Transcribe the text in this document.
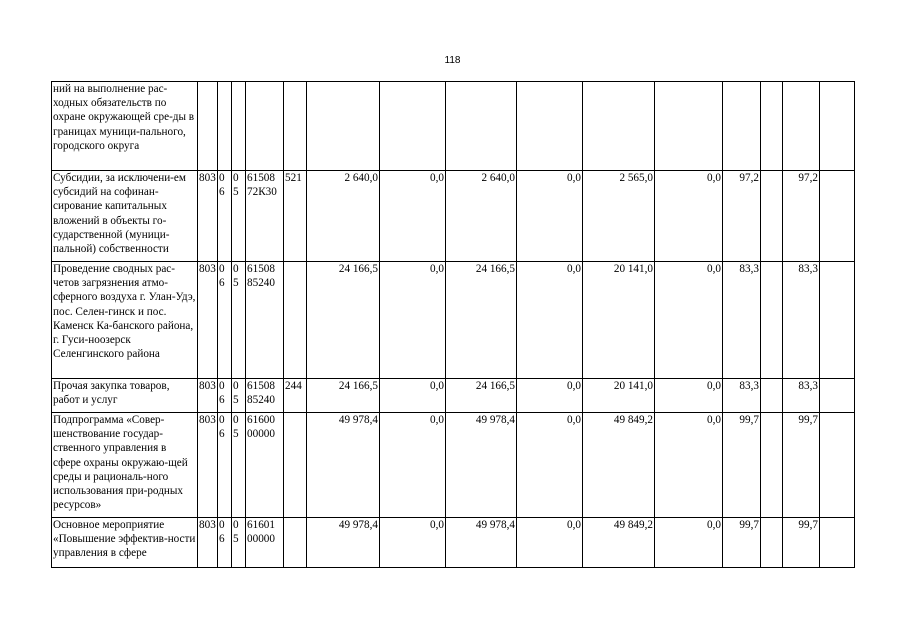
118
ний на выполнение рас-ходных обязательств по охране окружающей сре-ды в границах муници-пального, городского округа															
Субсидии, за исключени-ем субсидий на софинан-сирование капитальных вложений в объекты го-сударственной (муници-пальной) собственности	803	06	05	61508 72К30	521	2 640,0	0,0	2 640,0	0,0	2 565,0	0,0	97,2		97,2	
Проведение сводных рас-четов загрязнения атмо-сферного воздуха г. Улан-Удэ, пос. Селен-гинск и пос. Каменск Ка-банского района, г. Гуси-ноозерск Селенгинского района	803	06	05	61508 85240		24 166,5	0,0	24 166,5	0,0	20 141,0	0,0	83,3		83,3	
Прочая закупка товаров, работ и услуг	803	06	05	61508 85240	244	24 166,5	0,0	24 166,5	0,0	20 141,0	0,0	83,3		83,3	
Подпрограмма «Совер-шенствование государ-ственного управления в сфере охраны окружаю-щей среды и рациональ-ного использования при-родных ресурсов»	803	06	05	61600 00000		49 978,4	0,0	49 978,4	0,0	49 849,2	0,0	99,7		99,7	
Основное мероприятие «Повышение эффектив-ности управления в сфере	803	06	05	61601 00000		49 978,4	0,0	49 978,4	0,0	49 849,2	0,0	99,7		99,7	
